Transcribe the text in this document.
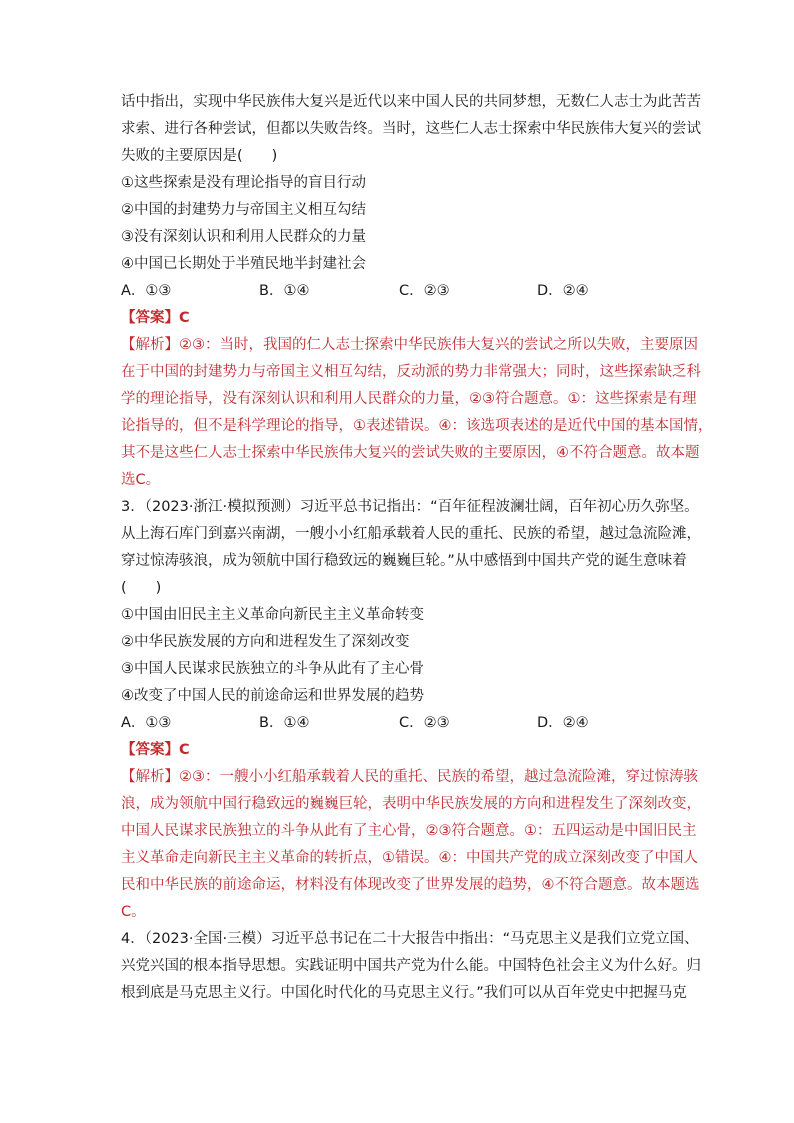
话中指出，实现中华民族伟大复兴是近代以来中国人民的共同梦想，无数仁人志士为此苦苦
求索、进行各种尝试，但都以失败告终。当时，这些仁人志士探索中华民族伟大复兴的尝试
失败的主要原因是(　　)
①这些探索是没有理论指导的盲目行动
②中国的封建势力与帝国主义相互勾结
③没有深刻认识和利用人民群众的力量
④中国已长期处于半殖民地半封建社会
A．①③	B．①④	C．②③	D．②④
【答案】C
【解析】②③：当时，我国的仁人志士探索中华民族伟大复兴的尝试之所以失败，主要原因
在于中国的封建势力与帝国主义相互勾结，反动派的势力非常强大；同时，这些探索缺乏科
学的理论指导，没有深刻认识和利用人民群众的力量，②③符合题意。①：这些探索是有理
论指导的，但不是科学理论的指导，①表述错误。④：该选项表述的是近代中国的基本国情，
其不是这些仁人志士探索中华民族伟大复兴的尝试失败的主要原因，④不符合题意。故本题
选C。
3．（2023·浙江·模拟预测）习近平总书记指出：“百年征程波澜壮阔，百年初心历久弥坚。
从上海石库门到嘉兴南湖，一艘小小红船承载着人民的重托、民族的希望，越过急流险滩，
穿过惊涛骇浪，成为领航中国行稳致远的巍巍巨轮。”从中感悟到中国共产党的诞生意味着
(　　)
①中国由旧民主主义革命向新民主主义革命转变
②中华民族发展的方向和进程发生了深刻改变
③中国人民谋求民族独立的斗争从此有了主心骨
④改变了中国人民的前途命运和世界发展的趋势
A．①③	B．①④	C．②③	D．②④
【答案】C
【解析】②③：一艘小小红船承载着人民的重托、民族的希望，越过急流险滩，穿过惊涛骇
浪，成为领航中国行稳致远的巍巍巨轮，表明中华民族发展的方向和进程发生了深刻改变，
中国人民谋求民族独立的斗争从此有了主心骨，②③符合题意。①：五四运动是中国旧民主
主义革命走向新民主主义革命的转折点，①错误。④：中国共产党的成立深刻改变了中国人
民和中华民族的前途命运，材料没有体现改变了世界发展的趋势，④不符合题意。故本题选
C。
4．（2023·全国·三模）习近平总书记在二十大报告中指出：“马克思主义是我们立党立国、
兴党兴国的根本指导思想。实践证明中国共产党为什么能。中国特色社会主义为什么好。归
根到底是马克思主义行。中国化时代化的马克思主义行。”我们可以从百年党史中把握马克
